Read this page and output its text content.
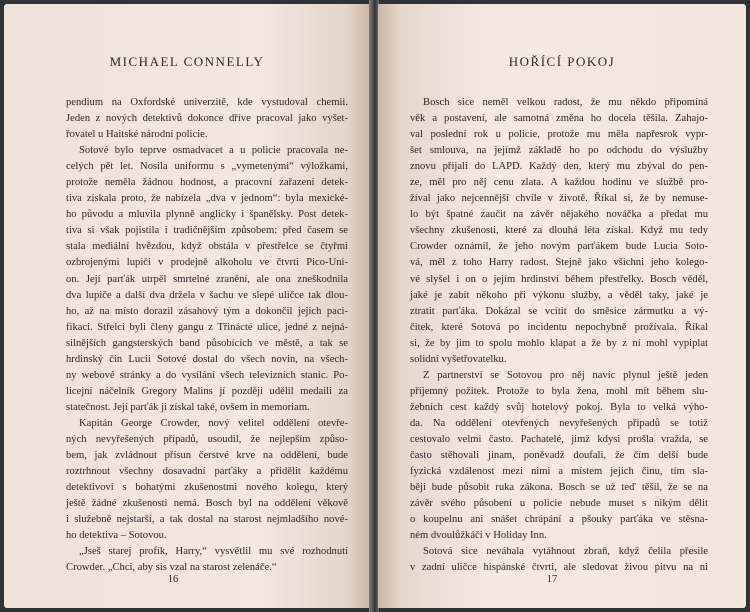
MICHAEL CONNELLY
pendium na Oxfordské univerzitě, kde vystudoval chemii.
Jeden z nových detektivů dokonce dříve pracoval jako vyšet-
řovatel u Haitské národní policie.
Sotové bylo teprve osmadvacet a u policie pracovala ne-
celých pět let. Nosila uniformu s „vymetenými“ výložkami,
protože neměla žádnou hodnost, a pracovní zařazení detek-
tiva získala proto, že nabízela „dva v jednom“: byla mexické-
ho původu a mluvila plynně anglicky i španělsky. Post detek-
tiva si však pojistila i tradičnějším způsobem: před časem se
stala mediální hvězdou, když obstála v přestřelce se čtyřmi
ozbrojenými lupiči v prodejně alkoholu ve čtvrti Pico-Uni-
on. Její parťák utrpěl smrtelné zranění, ale ona zneškodnila
dva lupiče a další dva držela v šachu ve slepé uličce tak dlou-
ho, až na místo dorazil zásahový tým a dokončil jejich paci-
fikaci. Střelci byli členy gangu z Třinácté ulice, jedné z nejná-
silnějších gangsterských band působících ve městě, a tak se
hrdinský čin Lucii Sotové dostal do všech novin, na všech-
ny webové stránky a do vysílání všech televizních stanic. Po-
licejní náčelník Gregory Malins jí později udělil medaili za
statečnost. Její parťák ji získal také, ovšem in memoriam.
Kapitán George Crowder, nový velitel oddělení otevře-
ných nevyřešených případů, usoudil, že nejlepším způso-
bem, jak zvládnout přísun čerstvé krve na oddělení, bude
roztrhnout všechny dosavadní parťáky a přidělit každému
detektivovi s bohatými zkušenostmi nového kolegu, který
ještě žádné zkušenosti nemá. Bosch byl na oddělení věkově
i služebně nejstarší, a tak dostal na starost nejmladšího nové-
ho detektiva – Sotovou.
„Jseš starej profík, Harry,“ vysvětlil mu své rozhodnutí
Crowder. „Chci, aby sis vzal na starost zelenáče.“
16
HOŘÍCÍ POKOJ
Bosch sice neměl velkou radost, že mu někdo připomíná
věk a postavení, ale samotná změna ho docela těšila. Zahajo-
val poslední rok u policie, protože mu měla napřesrok vypr-
šet smlouva, na jejímž základě ho po odchodu do výslužby
znovu přijali do LAPD. Každý den, který mu zbýval do pen-
ze, měl pro něj cenu zlata. A každou hodinu ve službě pro-
žíval jako nejcennější chvíle v životě. Říkal si, že by nemuse-
lo být špatné zaučit na závěr nějakého nováčka a předat mu
všechny zkušenosti, které za dlouhá léta získal. Když mu tedy
Crowder oznámil, že jeho novým parťákem bude Lucia Soto-
vá, měl z toho Harry radost. Stejně jako všichni jeho kolego-
vé slyšel i on o jejím hrdinství během přestřelky. Bosch věděl,
jaké je zabít někoho při výkonu služby, a věděl taky, jaké je
ztratit parťáka. Dokázal se vcítit do směsice zármutku a vý-
čitek, které Sotová po incidentu nepochybně prožívala. Říkal
si, že by jim to spolu mohlo klapat a že by z ní mohl vypiplat
solidní vyšetřovatelku.
Z partnerství se Sotovou pro něj navíc plynul ještě jeden
příjemný požitek. Protože to byla žena, mohl mít během slu-
žebních cest každý svůj hotelový pokoj. Byla to velká výho-
da. Na oddělení otevřených nevyřešených případů se totiž
cestovalo velmi často. Pachatelé, jimž kdysi prošla vražda, se
často stěhovali jinam, poněvadž doufali, že čím delší bude
fyzická vzdálenost mezi nimi a místem jejich činu, tím sla-
běji bude působit ruka zákona. Bosch se už teď těšil, že se na
závěr svého působení u policie nebude muset s nikým dělit
o koupelnu ani snášet chrápání a pšouky parťáka ve stěsna-
ném dvoulůžkáči v Holiday Inn.
Sotová sice neváhala vytáhnout zbraň, když čelila přesile
v zadní uličce hispánské čtvrti, ale sledovat živou pitvu na ni
17
